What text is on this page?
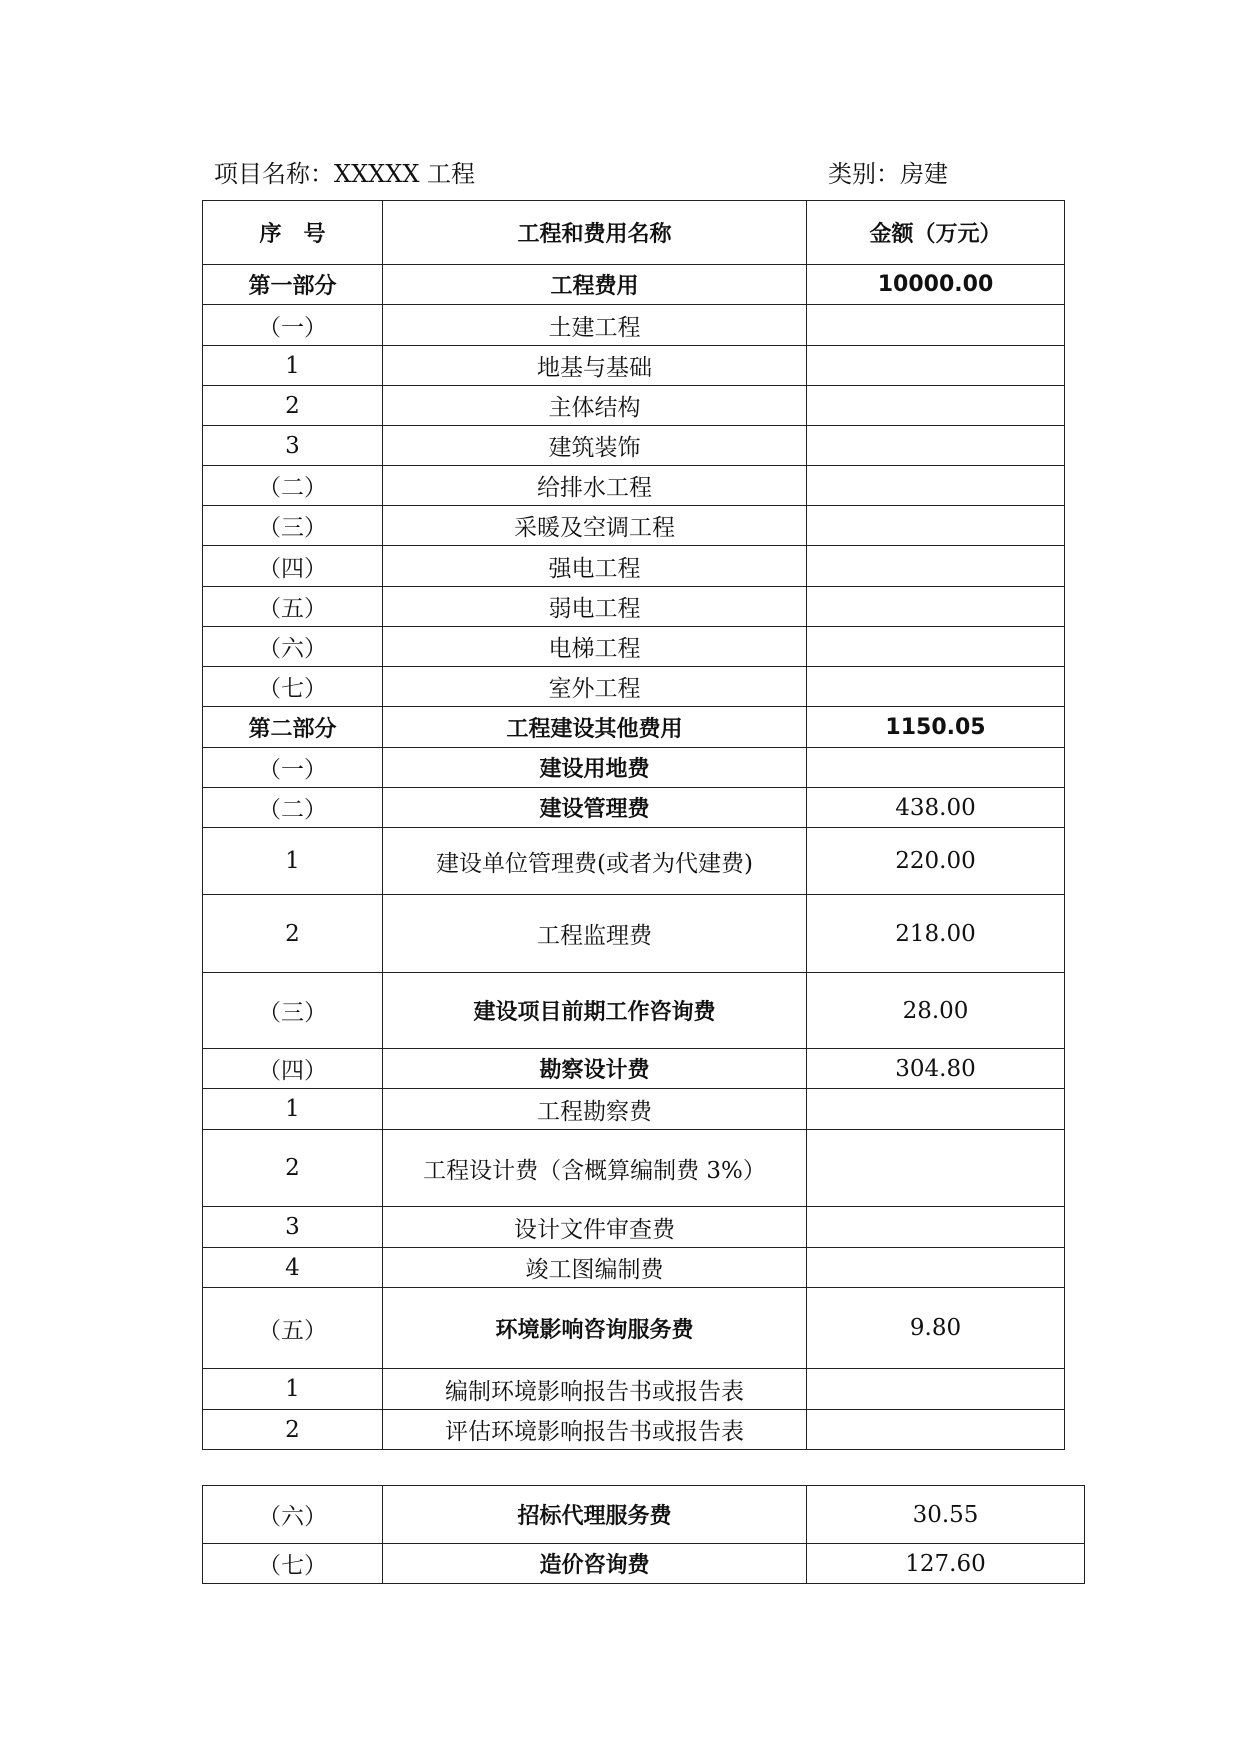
项目名称：XXXXX 工程	类别：房建
序　号	工程和费用名称	金额（万元）
第一部分	工程费用	10000.00
（一）	土建工程	
1	地基与基础	
2	主体结构	
3	建筑装饰	
（二）	给排水工程	
（三）	采暖及空调工程	
（四）	强电工程	
（五）	弱电工程	
（六）	电梯工程	
（七）	室外工程	
第二部分	工程建设其他费用	1150.05
（一）	建设用地费	
（二）	建设管理费	438.00
1	建设单位管理费(或者为代建费)	220.00
2	工程监理费	218.00
（三）	建设项目前期工作咨询费	28.00
（四）	勘察设计费	304.80
1	工程勘察费	
2	工程设计费（含概算编制费 3%）	
3	设计文件审查费	
4	竣工图编制费	
（五）	环境影响咨询服务费	9.80
1	编制环境影响报告书或报告表	
2	评估环境影响报告书或报告表	
（六）	招标代理服务费	30.55
（七）	造价咨询费	127.60
